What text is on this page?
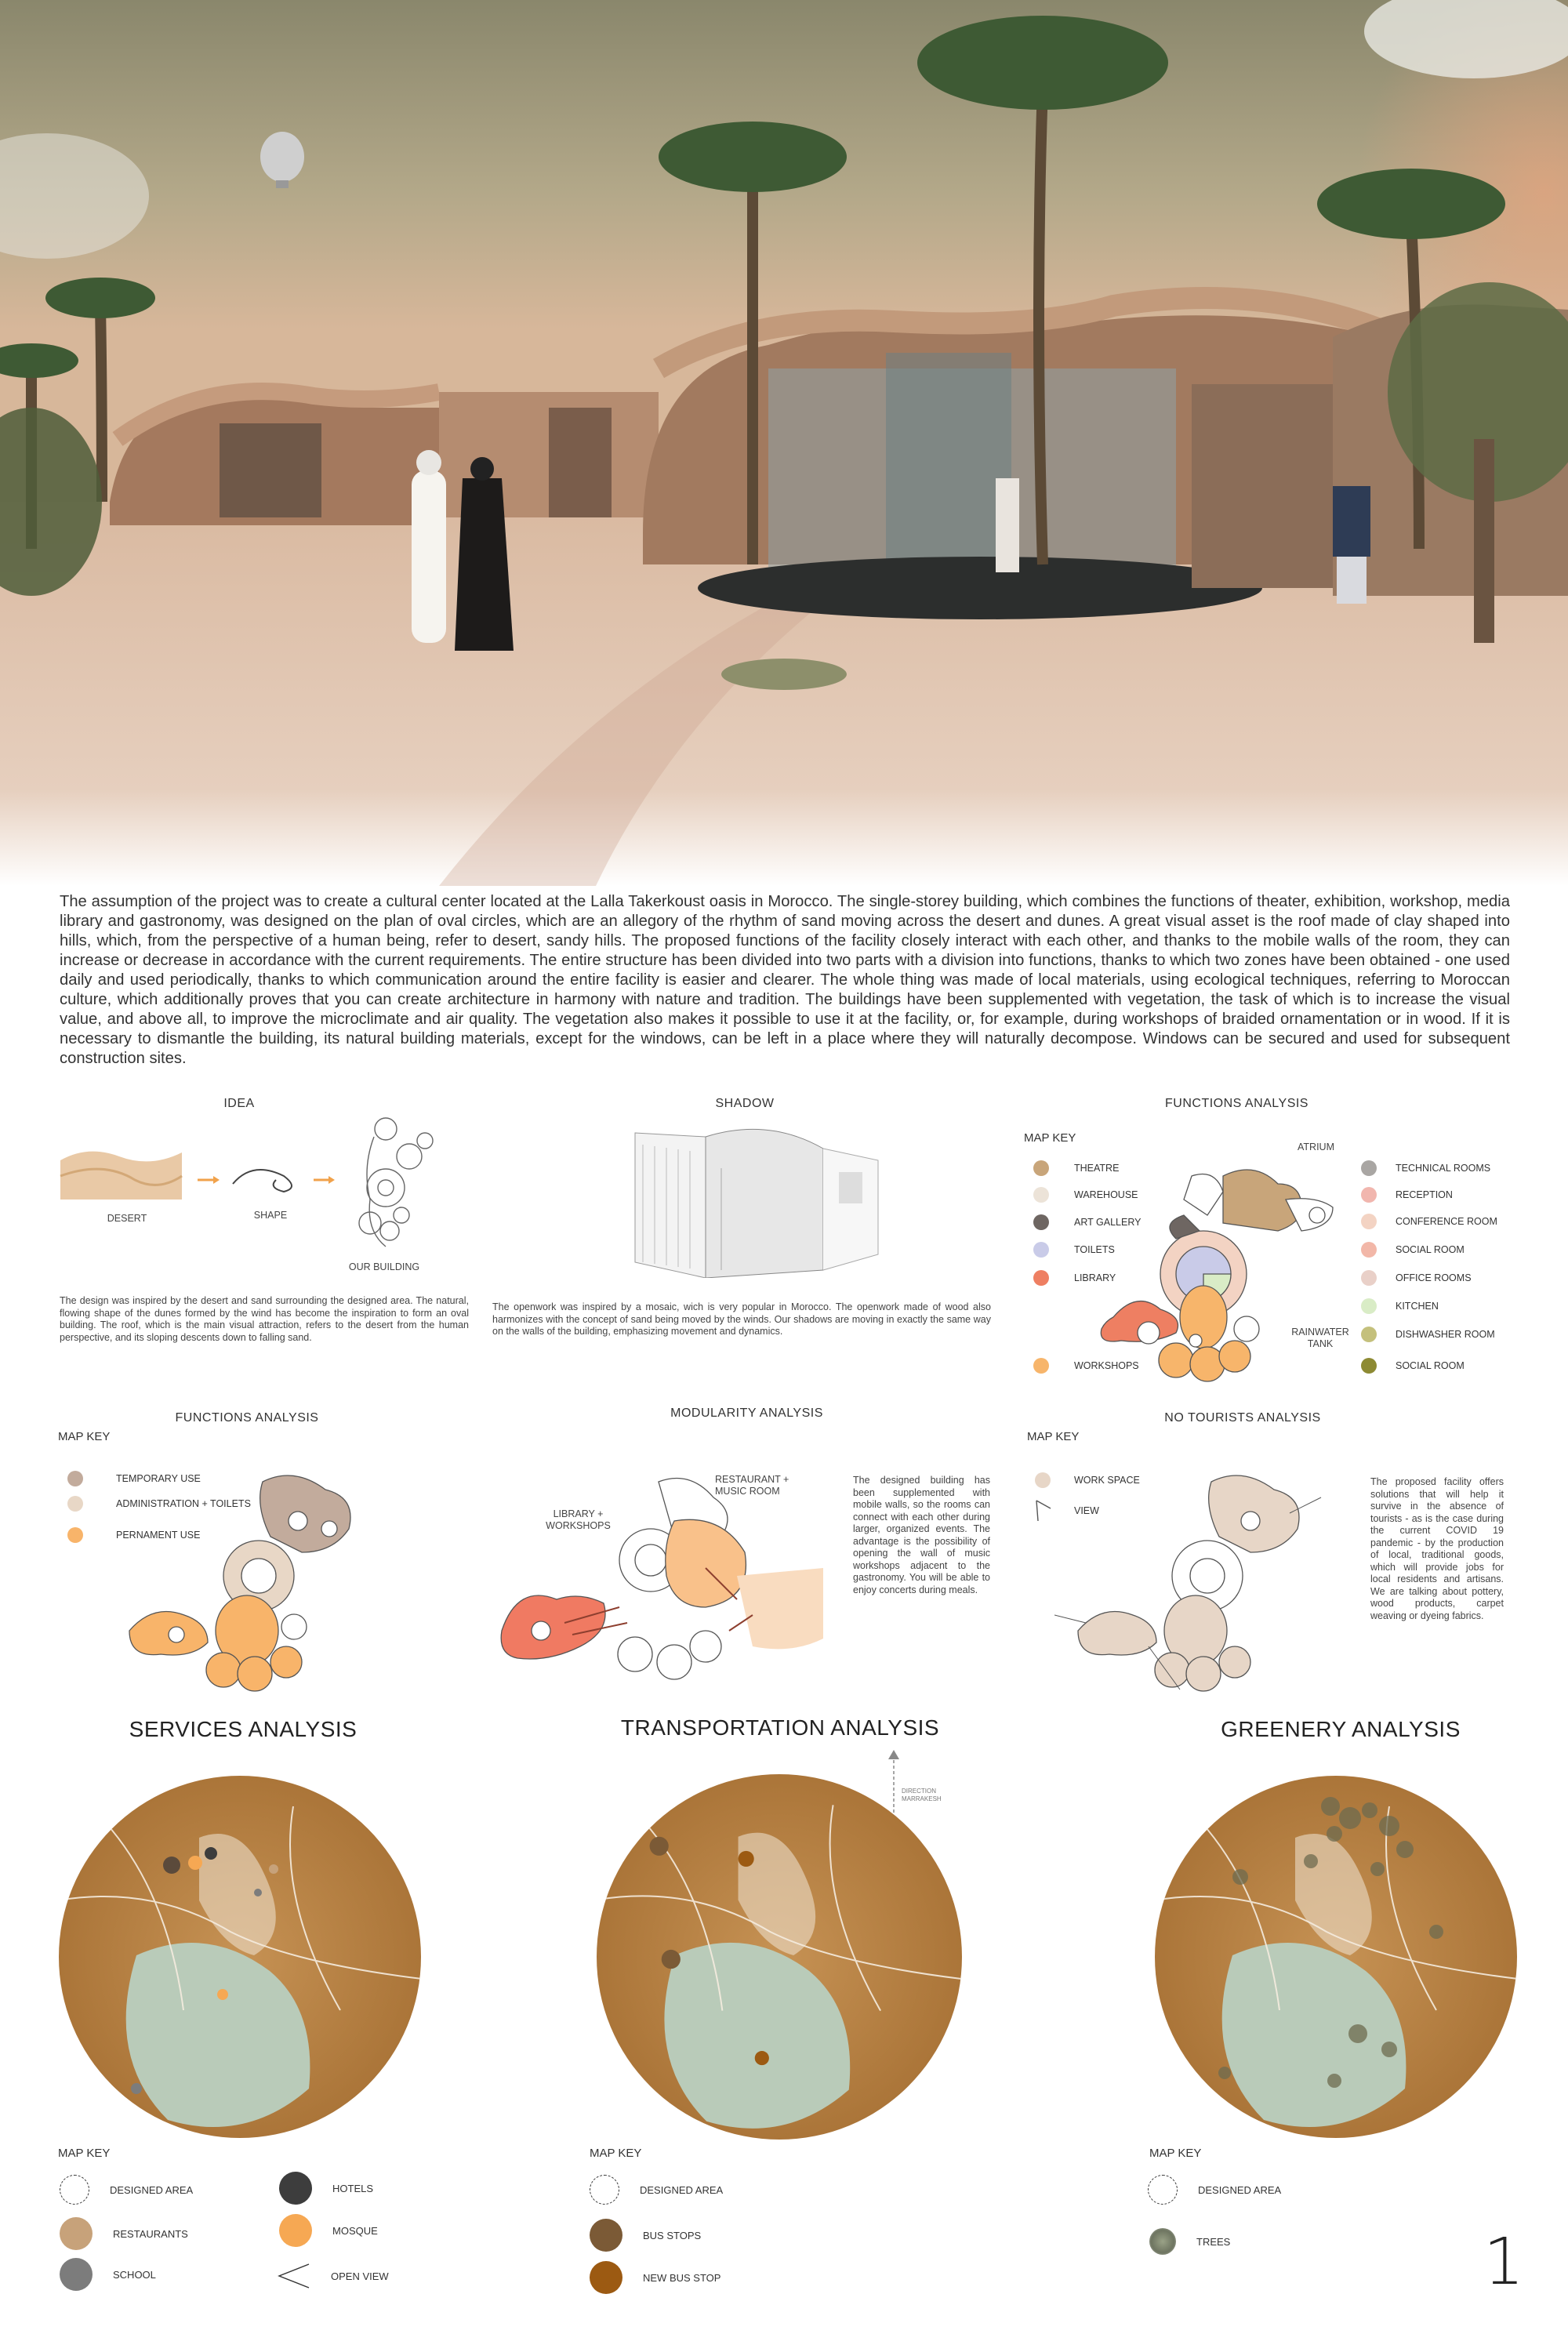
The assumption of the project was to create a cultural center located at the Lalla Takerkoust oasis in Morocco. The single-storey building, which combines the functions of theater, exhibition, workshop, media library and gastronomy, was designed on the plan of oval circles, which are an allegory of the rhythm of sand moving across the desert and dunes. A great visual asset is the roof made of clay shaped into hills, which, from the perspective of a human being, refer to desert, sandy hills. The proposed functions of the facility closely interact with each other, and thanks to the mobile walls of the room, they can increase or decrease in accordance with the current requirements. The entire structure has been divided into two parts with a division into functions, thanks to which two zones have been obtained - one used daily and used periodically, thanks to which communication around the entire facility is easier and clearer. The whole thing was made of local materials, using ecological techniques, referring to Moroccan culture, which additionally proves that you can create architecture in harmony with nature and tradition. The buildings have been supplemented with vegetation, the task of which is to increase the visual value, and above all, to improve the microclimate and air quality. The vegetation also makes it possible to use it at the facility, or, for example, during workshops of braided ornamentation or in wood. If it is necessary to dismantle the building, its natural building materials, except for the windows, can be left in a place where they will naturally decompose. Windows can be secured and used for subsequent construction sites.

IDEA
DESERT	SHAPE
OUR BUILDING

The design was inspired by the desert and sand surrounding the designed area. The natural, flowing shape of the dunes formed by the wind has become the inspiration to form an oval building. The roof, which is the main visual attraction, refers to the desert from the human perspective, and its sloping descents down to falling sand.

SHADOW

The openwork was inspired by a mosaic, wich is very popular in Morocco. The openwork made of wood also harmonizes with the concept of sand being moved by the winds. Our shadows are moving in exactly the same way on the walls of the building, emphasizing movement and dynamics.

FUNCTIONS ANALYSIS
MAP KEY
THEATRE
WAREHOUSE
ART GALLERY
TOILETS
LIBRARY
WORKSHOPS
TECHNICAL ROOMS
RECEPTION
CONFERENCE ROOM
SOCIAL ROOM
OFFICE ROOMS
KITCHEN
DISHWASHER ROOM
SOCIAL ROOM
ATRIUM
RAINWATER TANK
FUNCTIONS ANALYSIS
MAP KEY
TEMPORARY USE
ADMINISTRATION + TOILETS
PERNAMENT USE
MODULARITY ANALYSIS
RESTAURANT + MUSIC ROOM
LIBRARY + WORKSHOPS

The designed building has been supplemented with mobile walls, so the rooms can connect with each other during larger, organized events. The advantage is the possibility of opening the wall of music workshops adjacent to the gastronomy. You will be able to enjoy concerts during meals.

NO TOURISTS ANALYSIS
MAP KEY
WORK SPACE
VIEW

The proposed facility offers solutions that will help it survive in the absence of tourists - as is the case during the current COVID 19 pandemic - by the production of local, traditional goods, which will provide jobs for local residents and artisans. We are talking about pottery, wood products, carpet weaving or dyeing fabrics.

SERVICES ANALYSIS	TRANSPORTATION ANALYSIS	GREENERY ANALYSIS
DIRECTION MARRAKESH
MAP KEY	MAP KEY	MAP KEY
DESIGNED AREA
RESTAURANTS
SCHOOL
HOTELS
MOSQUE
OPEN VIEW
DESIGNED AREA
BUS STOPS
NEW BUS STOP
DESIGNED AREA
TREES	1
